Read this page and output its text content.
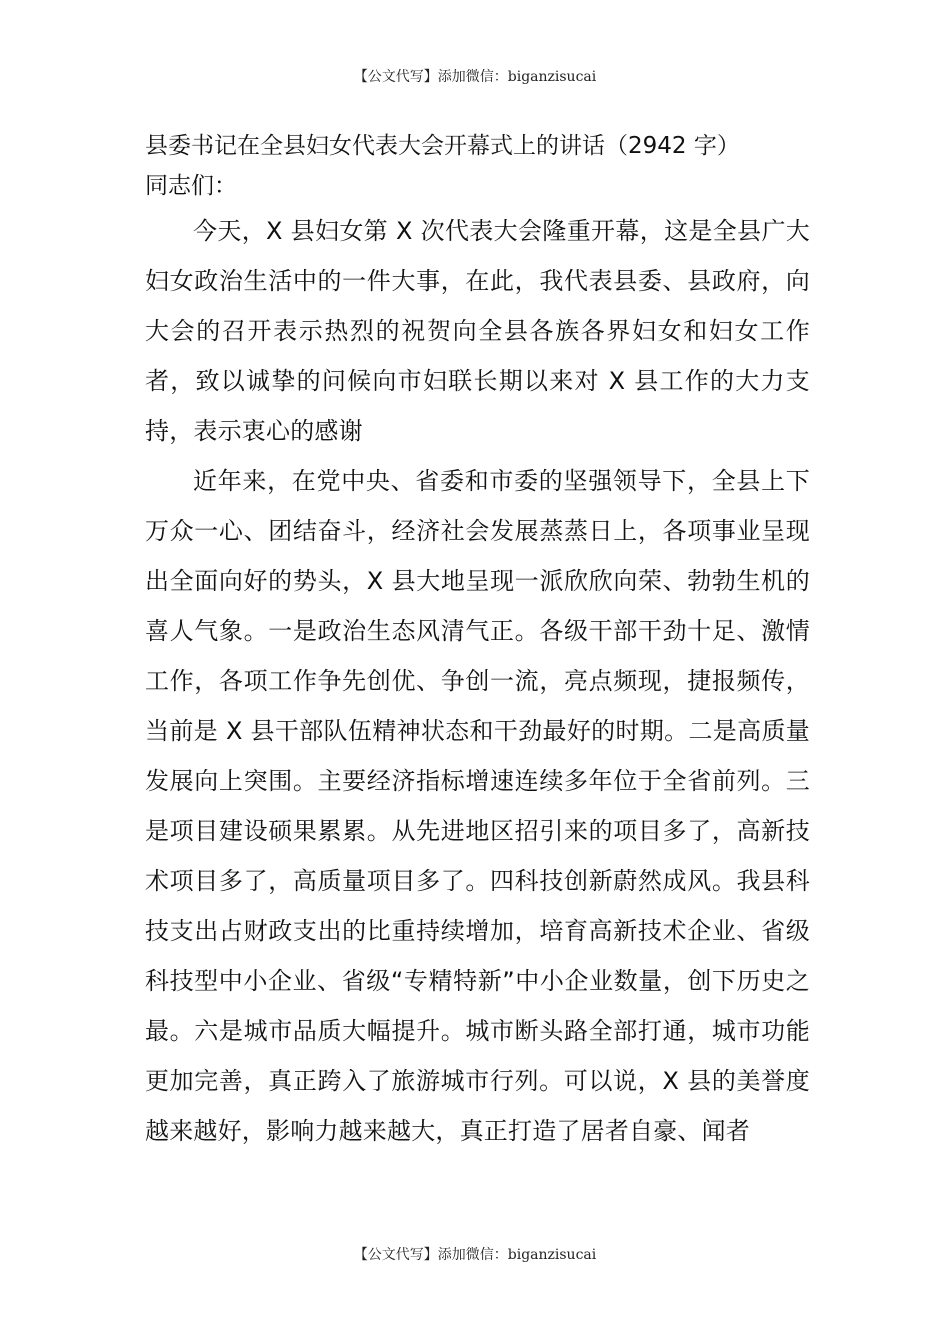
【公文代写】添加微信：biganzisucai

县委书记在全县妇女代表大会开幕式上的讲话（2942 字）

同志们：

今天，X 县妇女第 X 次代表大会隆重开幕，这是全县广大妇女政治生活中的一件大事，在此，我代表县委、县政府，向大会的召开表示热烈的祝贺向全县各族各界妇女和妇女工作者，致以诚挚的问候向市妇联长期以来对 X 县工作的大力支持，表示衷心的感谢

近年来，在党中央、省委和市委的坚强领导下，全县上下万众一心、团结奋斗，经济社会发展蒸蒸日上，各项事业呈现出全面向好的势头，X 县大地呈现一派欣欣向荣、勃勃生机的喜人气象。一是政治生态风清气正。各级干部干劲十足、激情工作，各项工作争先创优、争创一流，亮点频现，捷报频传，当前是 X 县干部队伍精神状态和干劲最好的时期。二是高质量发展向上突围。主要经济指标增速连续多年位于全省前列。三是项目建设硕果累累。从先进地区招引来的项目多了，高新技术项目多了，高质量项目多了。四科技创新蔚然成风。我县科技支出占财政支出的比重持续增加，培育高新技术企业、省级科技型中小企业、省级“专精特新”中小企业数量，创下历史之最。六是城市品质大幅提升。城市断头路全部打通，城市功能更加完善，真正跨入了旅游城市行列。可以说，X 县的美誉度越来越好，影响力越来越大，真正打造了居者自豪、闻者

【公文代写】添加微信：biganzisucai
